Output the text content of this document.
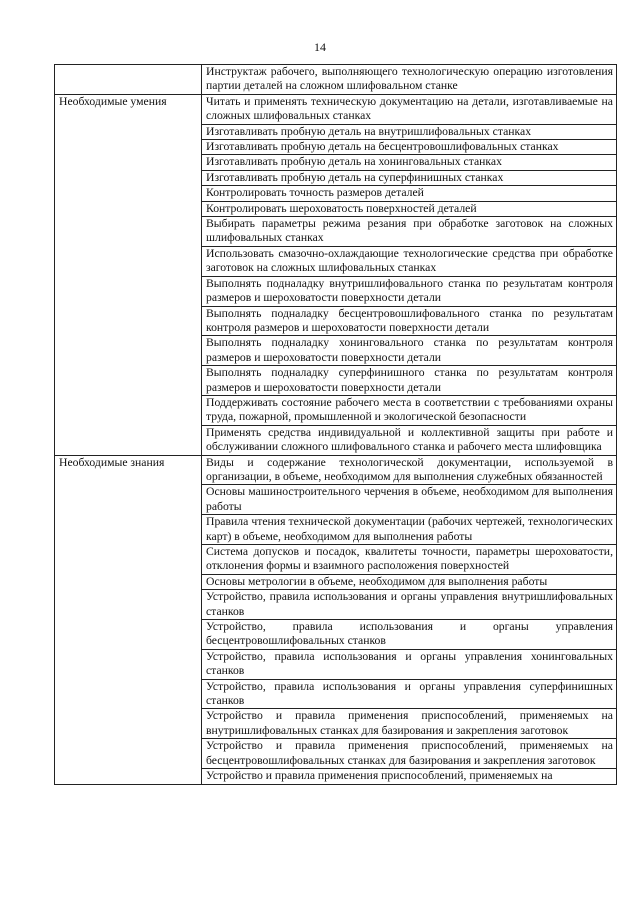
14
	Инструктаж рабочего, выполняющего технологическую операцию изготовления партии деталей на сложном шлифовальном станке
Необходимые умения	Читать и применять техническую документацию на детали, изготавливаемые на сложных шлифовальных станках
	Изготавливать пробную деталь на внутришлифовальных станках
	Изготавливать пробную деталь на бесцентровошлифовальных станках
	Изготавливать пробную деталь на хонинговальных станках
	Изготавливать пробную деталь на суперфинишных станках
	Контролировать точность размеров деталей
	Контролировать шероховатость поверхностей деталей
	Выбирать параметры режима резания при обработке заготовок на сложных шлифовальных станках
	Использовать смазочно-охлаждающие технологические средства при обработке заготовок на сложных шлифовальных станках
	Выполнять подналадку внутришлифовального станка по результатам контроля размеров и шероховатости поверхности детали
	Выполнять подналадку бесцентровошлифовального станка по результатам контроля размеров и шероховатости поверхности детали
	Выполнять подналадку хонинговального станка по результатам контроля размеров и шероховатости поверхности детали
	Выполнять подналадку суперфинишного станка по результатам контроля размеров и шероховатости поверхности детали
	Поддерживать состояние рабочего места в соответствии с требованиями охраны труда, пожарной, промышленной и экологической безопасности
	Применять средства индивидуальной и коллективной защиты при работе и обслуживании сложного шлифовального станка и рабочего места шлифовщика
Необходимые знания	Виды и содержание технологической документации, используемой в организации, в объеме, необходимом для выполнения служебных обязанностей
	Основы машиностроительного черчения в объеме, необходимом для выполнения работы
	Правила чтения технической документации (рабочих чертежей, технологических карт) в объеме, необходимом для выполнения работы
	Система допусков и посадок, квалитеты точности, параметры шероховатости, отклонения формы и взаимного расположения поверхностей
	Основы метрологии в объеме, необходимом для выполнения работы
	Устройство, правила использования и органы управления внутришлифовальных станков
	Устройство, правила использования и органы управления бесцентровошлифовальных станков
	Устройство, правила использования и органы управления хонинговальных станков
	Устройство, правила использования и органы управления суперфинишных станков
	Устройство и правила применения приспособлений, применяемых на внутришлифовальных станках для базирования и закрепления заготовок
	Устройство и правила применения приспособлений, применяемых на бесцентровошлифовальных станках для базирования и закрепления заготовок
	Устройство и правила применения приспособлений, применяемых на
